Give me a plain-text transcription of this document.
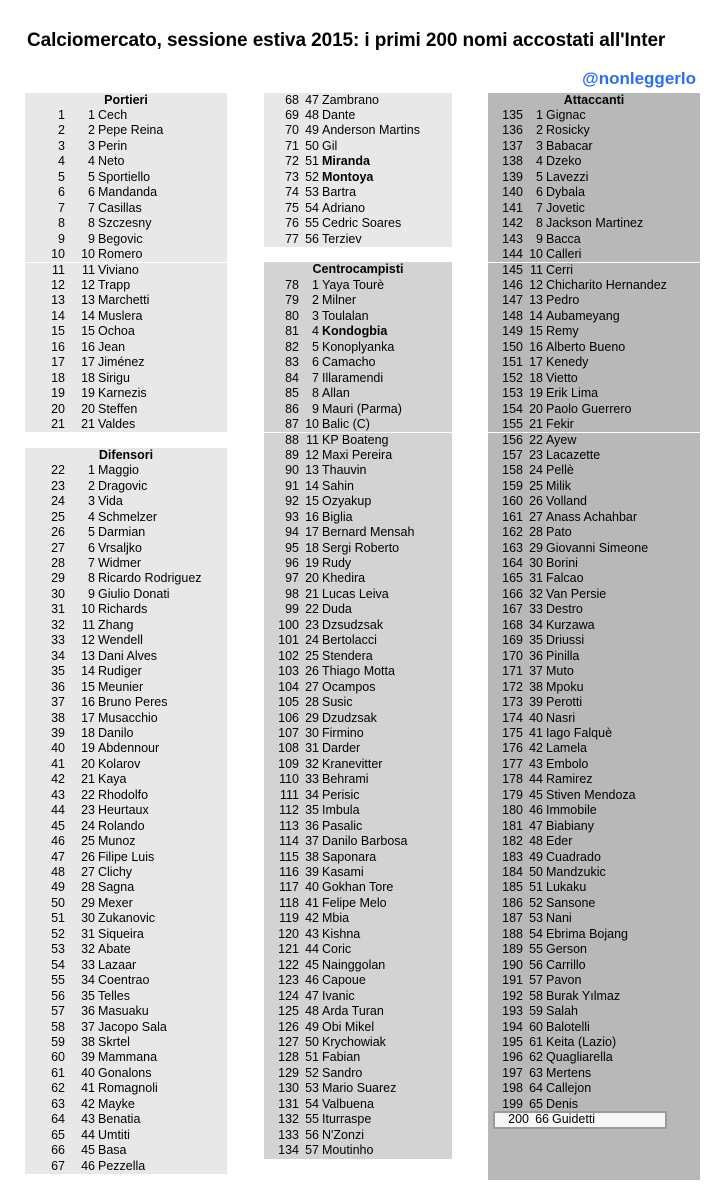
Calciomercato, sessione estiva 2015: i primi 200 nomi accostati all'Inter
@nonleggerlo
Portieri
1	1 Cech
2	2 Pepe Reina
3	3 Perin
4	4 Neto
5	5 Sportiello
6	6 Mandanda
7	7 Casillas
8	8 Szczesny
9	9 Begovic
10	10 Romero
11	11 Viviano
12	12 Trapp
13	13 Marchetti
14	14 Muslera
15	15 Ochoa
16	16 Jean
17	17 Jiménez
18	18 Sirigu
19	19 Karnezis
20	20 Steffen
21	21 Valdes
Difensori
22	1 Maggio
23	2 Dragovic
24	3 Vida
25	4 Schmelzer
26	5 Darmian
27	6 Vrsaljko
28	7 Widmer
29	8 Ricardo Rodriguez
30	9 Giulio Donati
31	10 Richards
32	11 Zhang
33	12 Wendell
34	13 Dani Alves
35	14 Rudiger
36	15 Meunier
37	16 Bruno Peres
38	17 Musacchio
39	18 Danilo
40	19 Abdennour
41	20 Kolarov
42	21 Kaya
43	22 Rhodolfo
44	23 Heurtaux
45	24 Rolando
46	25 Munoz
47	26 Filipe Luis
48	27 Clichy
49	28 Sagna
50	29 Mexer
51	30 Zukanovic
52	31 Siqueira
53	32 Abate
54	33 Lazaar
55	34 Coentrao
56	35 Telles
57	36 Masuaku
58	37 Jacopo Sala
59	38 Skrtel
60	39 Mammana
61	40 Gonalons
62	41 Romagnoli
63	42 Mayke
64	43 Benatia
65	44 Umtiti
66	45 Basa
67	46 Pezzella
68 47 Zambrano
69 48 Dante
70 49 Anderson Martins
71 50 Gil
72 51 Miranda
73 52 Montoya
74 53 Bartra
75 54 Adriano
76 55 Cedric Soares
77 56 Terziev
Centrocampisti
78	1 Yaya Tourè
79	2 Milner
80	3 Toulalan
81	4 Kondogbia
82	5 Konoplyanka
83	6 Camacho
84	7 Illaramendi
85	8 Allan
86	9 Mauri (Parma)
87 10 Balic (C)
88 11 KP Boateng
89 12 Maxi Pereira
90 13 Thauvin
91 14 Sahin
92 15 Ozyakup
93 16 Biglia
94 17 Bernard Mensah
95 18 Sergi Roberto
96 19 Rudy
97 20 Khedira
98 21 Lucas Leiva
99 22 Duda
100 23 Dzsudzsak
101 24 Bertolacci
102 25 Stendera
103 26 Thiago Motta
104 27 Ocampos
105 28 Susic
106 29 Dzudzsak
107 30 Firmino
108 31 Darder
109 32 Kranevitter
110 33 Behrami
111 34 Perisic
112 35 Imbula
113 36 Pasalic
114 37 Danilo Barbosa
115 38 Saponara
116 39 Kasami
117 40 Gokhan Tore
118 41 Felipe Melo
119 42 Mbia
120 43 Kishna
121 44 Coric
122 45 Nainggolan
123 46 Capoue
124 47 Ivanic
125 48 Arda Turan
126 49 Obi Mikel
127 50 Krychowiak
128 51 Fabian
129 52 Sandro
130 53 Mario Suarez
131 54 Valbuena
132 55 Iturraspe
133 56 N'Zonzi
134 57 Moutinho
Attaccanti
135	1 Gignac
136	2 Rosicky
137	3 Babacar
138	4 Dzeko
139	5 Lavezzi
140	6 Dybala
141	7 Jovetic
142	8 Jackson Martinez
143	9 Bacca
144 10 Calleri
145 11 Cerri
146 12 Chicharito Hernandez
147 13 Pedro
148 14 Aubameyang
149 15 Remy
150 16 Alberto Bueno
151 17 Kenedy
152 18 Vietto
153 19 Erik Lima
154 20 Paolo Guerrero
155 21 Fekir
156 22 Ayew
157 23 Lacazette
158 24 Pellè
159 25 Milik
160 26 Volland
161 27 Anass Achahbar
162 28 Pato
163 29 Giovanni Simeone
164 30 Borini
165 31 Falcao
166 32 Van Persie
167 33 Destro
168 34 Kurzawa
169 35 Driussi
170 36 Pinilla
171 37 Muto
172 38 Mpoku
173 39 Perotti
174 40 Nasri
175 41 Iago Falquè
176 42 Lamela
177 43 Embolo
178 44 Ramirez
179 45 Stiven Mendoza
180 46 Immobile
181 47 Biabiany
182 48 Eder
183 49 Cuadrado
184 50 Mandzukic
185 51 Lukaku
186 52 Sansone
187 53 Nani
188 54 Ebrima Bojang
189 55 Gerson
190 56 Carrillo
191 57 Pavon
192 58 Burak Yılmaz
193 59 Salah
194 60 Balotelli
195 61 Keita (Lazio)
196 62 Quagliarella
197 63 Mertens
198 64 Callejon
199 65 Denis
200 66 Guidetti
